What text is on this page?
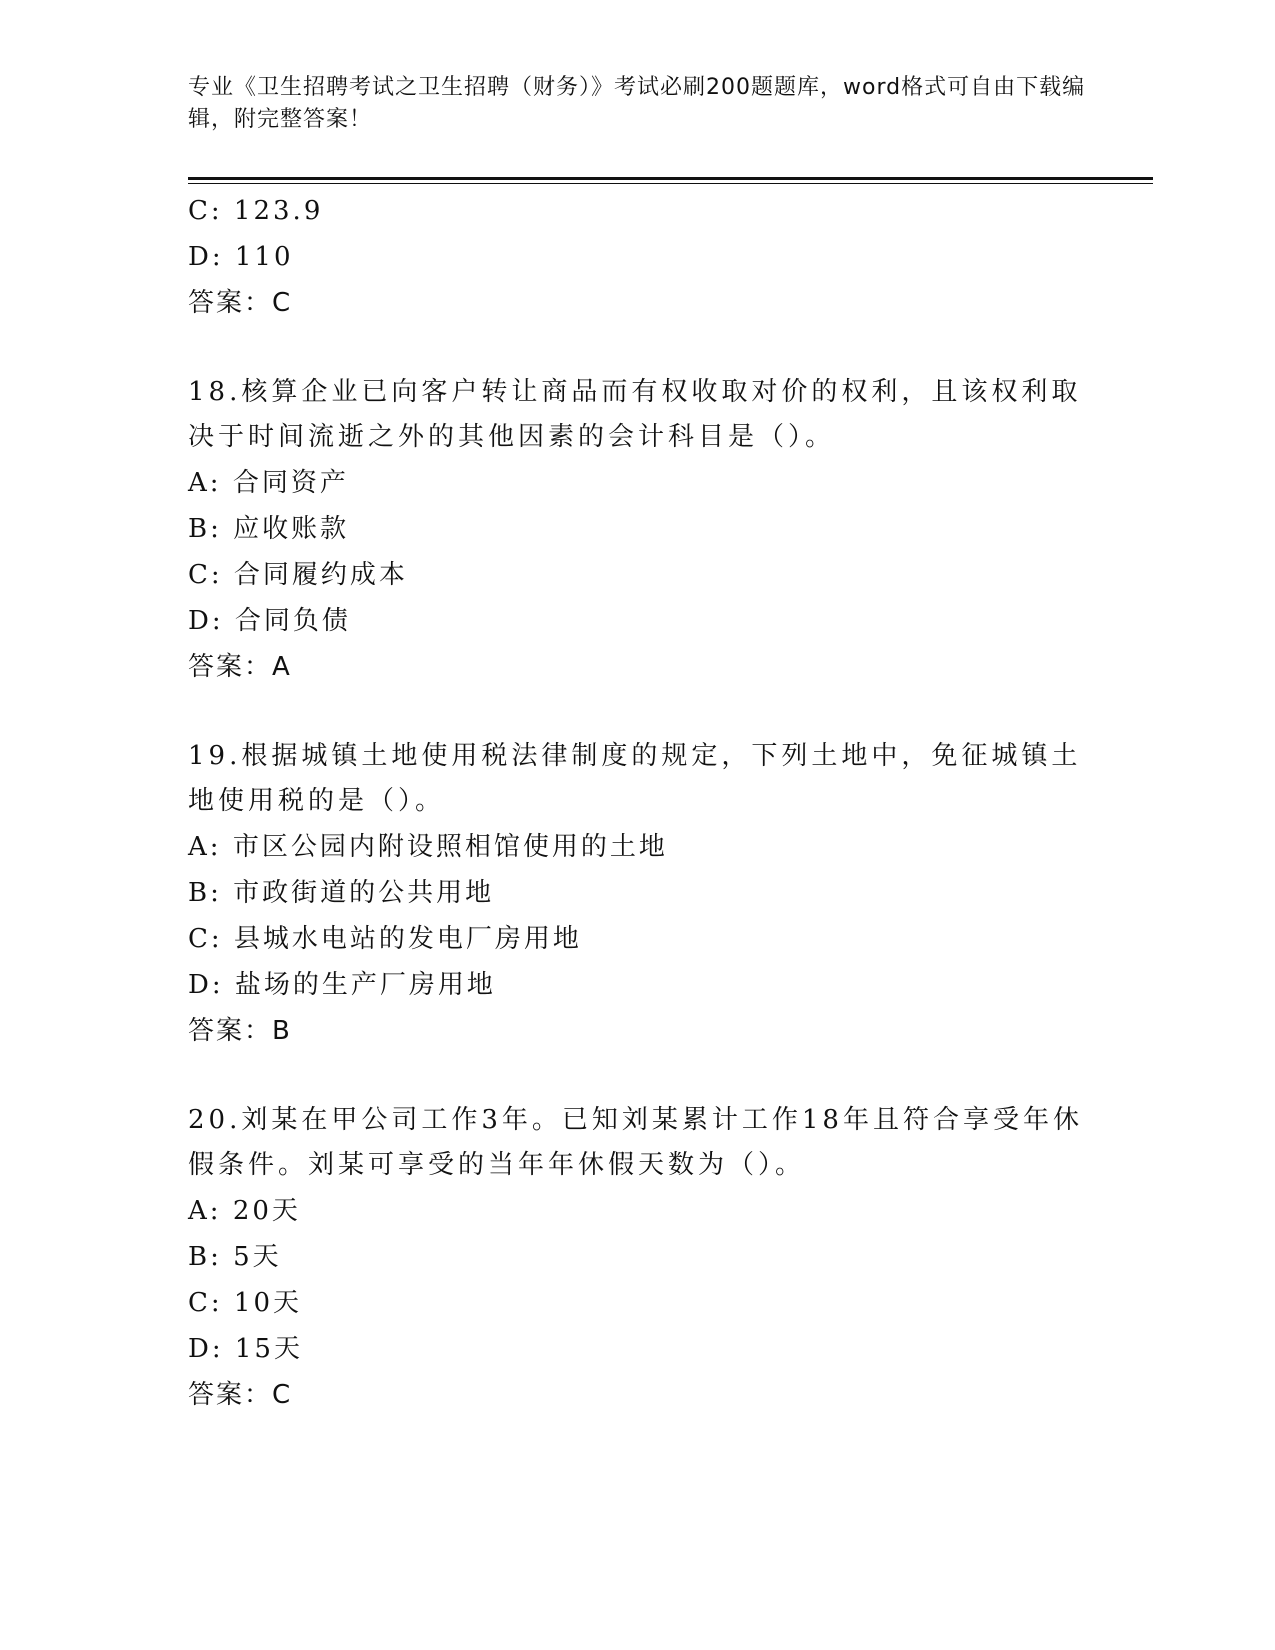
专业《卫生招聘考试之卫生招聘（财务）》考试必刷200题题库，word格式可自由下载编辑，附完整答案！
C: 123.9
D: 110
答案：C
18.核算企业已向客户转让商品而有权收取对价的权利，且该权利取决于时间流逝之外的其他因素的会计科目是（）。
A: 合同资产
B: 应收账款
C: 合同履约成本
D: 合同负债
答案：A
19.根据城镇土地使用税法律制度的规定，下列土地中，免征城镇土地使用税的是（）。
A: 市区公园内附设照相馆使用的土地
B: 市政街道的公共用地
C: 县城水电站的发电厂房用地
D: 盐场的生产厂房用地
答案：B
20.刘某在甲公司工作3年。已知刘某累计工作18年且符合享受年休假条件。刘某可享受的当年年休假天数为（）。
A: 20天
B: 5天
C: 10天
D: 15天
答案：C
